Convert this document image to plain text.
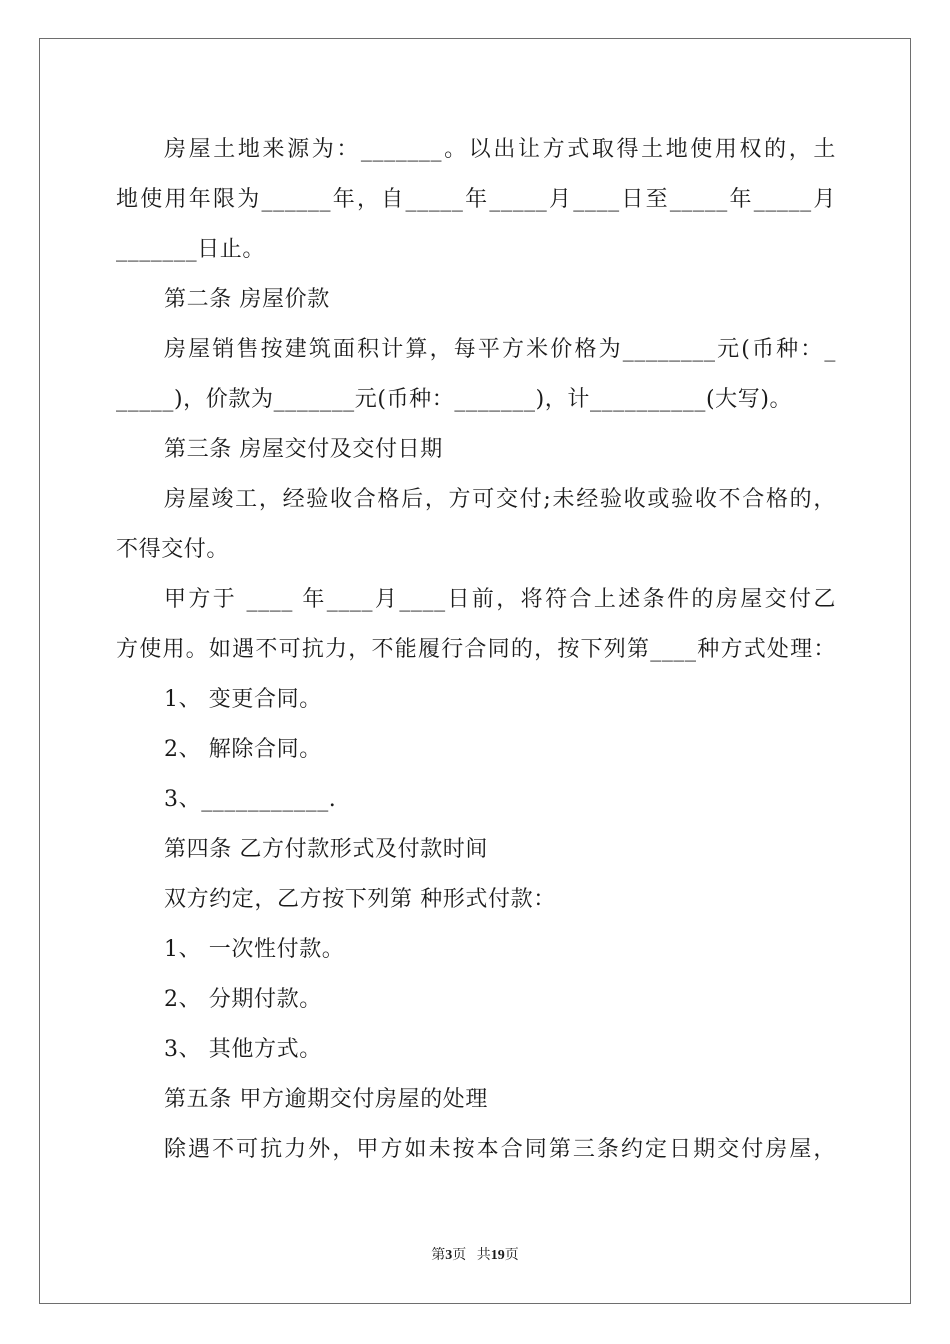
房屋土地来源为：_______。以出让方式取得土地使用权的，土
地使用年限为______年，自_____年_____月____日至_____年_____月
_______日止。
第二条 房屋价款
房屋销售按建筑面积计算，每平方米价格为________元(币种：_
_____)，价款为_______元(币种：_______)，计__________(大写)。
第三条 房屋交付及交付日期
房屋竣工，经验收合格后，方可交付;未经验收或验收不合格的，
不得交付。
甲方于 ____ 年____月____日前，将符合上述条件的房屋交付乙
方使用。如遇不可抗力，不能履行合同的，按下列第____种方式处理：
1、 变更合同。
2、 解除合同。
3、___________.
第四条 乙方付款形式及付款时间
双方约定，乙方按下列第 种形式付款：
1、 一次性付款。
2、 分期付款。
3、 其他方式。
第五条 甲方逾期交付房屋的处理
除遇不可抗力外，甲方如未按本合同第三条约定日期交付房屋，
第3页 共19页
